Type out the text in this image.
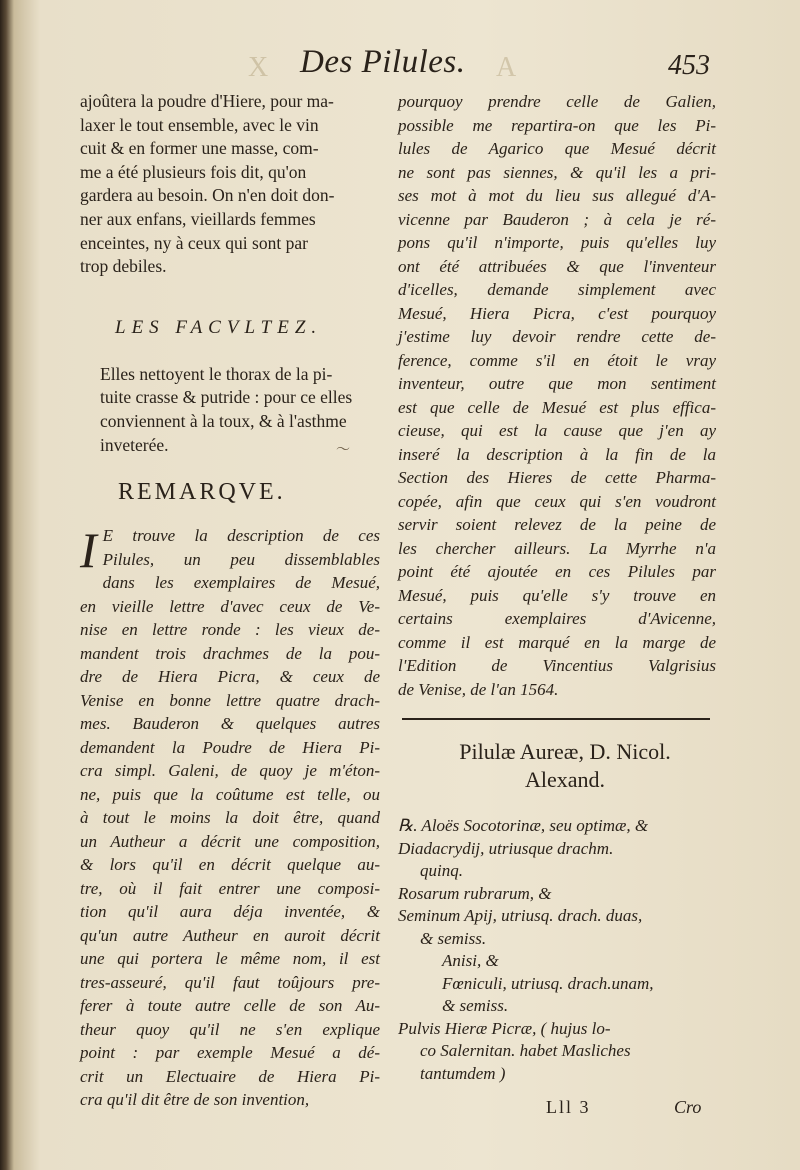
X	A
Des Pilules.	453

ajoûtera la poudre d'Hiere, pour ma-
laxer le tout ensemble, avec le vin
cuit & en former une masse, com-
me a été plusieurs fois dit, qu'on
gardera au besoin. On n'en doit don-
ner aux enfans, vieillards femmes
enceintes, ny à ceux qui sont par
trop debiles.

LES FACVLTEZ.

Elles nettoyent le thorax de la pi-
tuite crasse & putride : pour ce elles
conviennent à la toux, & à l'asthme
inveterée.	〜
REMARQVE.
I E trouve la description de ces
Pilules, un peu dissemblables
dans les exemplaires de Mesué,
en vieille lettre d'avec ceux de Ve-
nise en lettre ronde : les vieux de-
mandent trois drachmes de la pou-
dre de Hiera Picra, & ceux de
Venise en bonne lettre quatre drach-
mes. Bauderon & quelques autres
demandent la Poudre de Hiera Pi-
cra simpl. Galeni, de quoy je m'éton-
ne, puis que la coûtume est telle, ou
à tout le moins la doit être, quand
un Autheur a décrit une composition,
& lors qu'il en décrit quelque au-
tre, où il fait entrer une composi-
tion qu'il aura déja inventée, &
qu'un autre Autheur en auroit décrit
une qui portera le même nom, il est
tres-asseuré, qu'il faut toûjours pre-
ferer à toute autre celle de son Au-
theur quoy qu'il ne s'en explique
point : par exemple Mesué a dé-
crit un Electuaire de Hiera Pi-
cra qu'il dit être de son invention,
pourquoy prendre celle de Galien,
possible me repartira-on que les Pi-
lules de Agarico que Mesué décrit
ne sont pas siennes, & qu'il les a pri-
ses mot à mot du lieu sus allegué d'A-
vicenne par Bauderon ; à cela je ré-
pons qu'il n'importe, puis qu'elles luy
ont été attribuées & que l'inventeur
d'icelles, demande simplement avec
Mesué, Hiera Picra, c'est pourquoy
j'estime luy devoir rendre cette de-
ference, comme s'il en étoit le vray
inventeur, outre que mon sentiment
est que celle de Mesué est plus effica-
cieuse, qui est la cause que j'en ay
inseré la description à la fin de la
Section des Hieres de cette Pharma-
copée, afin que ceux qui s'en voudront
servir soient relevez de la peine de
les chercher ailleurs. La Myrrhe n'a
point été ajoutée en ces Pilules par
Mesué, puis qu'elle s'y trouve en
certains exemplaires d'Avicenne,
comme il est marqué en la marge de
l'Edition de Vincentius Valgrisius
de Venise, de l'an 1564.
Pilulæ Aureæ, D. Nicol.
Alexand.
℞. Aloës Socotorinæ, seu optimæ, &
Diadacrydij, utriusque drachm.
quinq.
Rosarum rubrarum, &
Seminum Apij, utriusq. drach. duas,
& semiss.
Anisi, &
Fœniculi, utriusq. drach.unam,
& semiss.
Pulvis Hieræ Picræ, ( hujus lo-
co Salernitan. habet Masliches
tantumdem )
Lll 3	Cro
